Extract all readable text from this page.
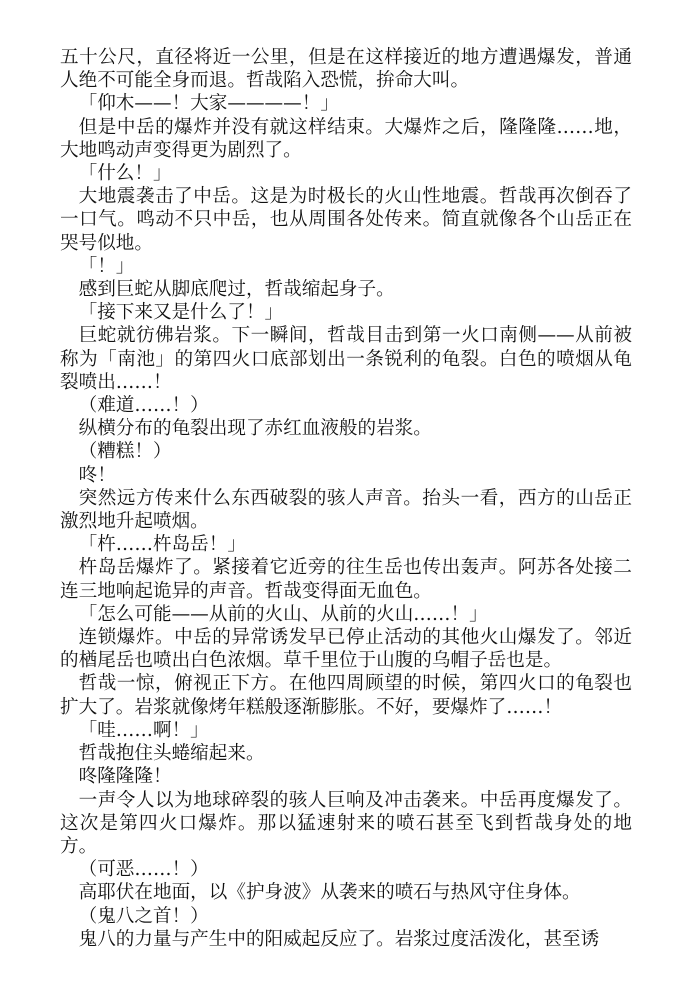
五十公尺，直径将近一公里，但是在这样接近的地方遭遇爆发，普通人绝不可能全身而退。哲哉陷入恐慌，拚命大叫。

「仰木——！大家————！」

但是中岳的爆炸并没有就这样结束。大爆炸之后，隆隆隆……地，大地鸣动声变得更为剧烈了。

「什么！」

大地震袭击了中岳。这是为时极长的火山性地震。哲哉再次倒吞了一口气。鸣动不只中岳，也从周围各处传来。简直就像各个山岳正在哭号似地。

「！」

感到巨蛇从脚底爬过，哲哉缩起身子。

「接下来又是什么了！」

巨蛇就彷佛岩浆。下一瞬间，哲哉目击到第一火口南侧——从前被称为「南池」的第四火口底部划出一条锐利的龟裂。白色的喷烟从龟裂喷出……！

（难道……！）

纵横分布的龟裂出现了赤红血液般的岩浆。

（糟糕！）

咚！

突然远方传来什么东西破裂的骇人声音。抬头一看，西方的山岳正激烈地升起喷烟。

「杵……杵岛岳！」

杵岛岳爆炸了。紧接着它近旁的往生岳也传出轰声。阿苏各处接二连三地响起诡异的声音。哲哉变得面无血色。

「怎么可能——从前的火山、从前的火山……！」

连锁爆炸。中岳的异常诱发早已停止活动的其他火山爆发了。邻近的楢尾岳也喷出白色浓烟。草千里位于山腹的乌帽子岳也是。

哲哉一惊，俯视正下方。在他四周顾望的时候，第四火口的龟裂也扩大了。岩浆就像烤年糕般逐渐膨胀。不好，要爆炸了……！

「哇……啊！」

哲哉抱住头蜷缩起来。

咚隆隆隆！

一声令人以为地球碎裂的骇人巨响及冲击袭来。中岳再度爆发了。这次是第四火口爆炸。那以猛速射来的喷石甚至飞到哲哉身处的地方。

（可恶……！）

高耶伏在地面，以《护身波》从袭来的喷石与热风守住身体。

（鬼八之首！）

鬼八的力量与产生中的阳威起反应了。岩浆过度活泼化，甚至诱
